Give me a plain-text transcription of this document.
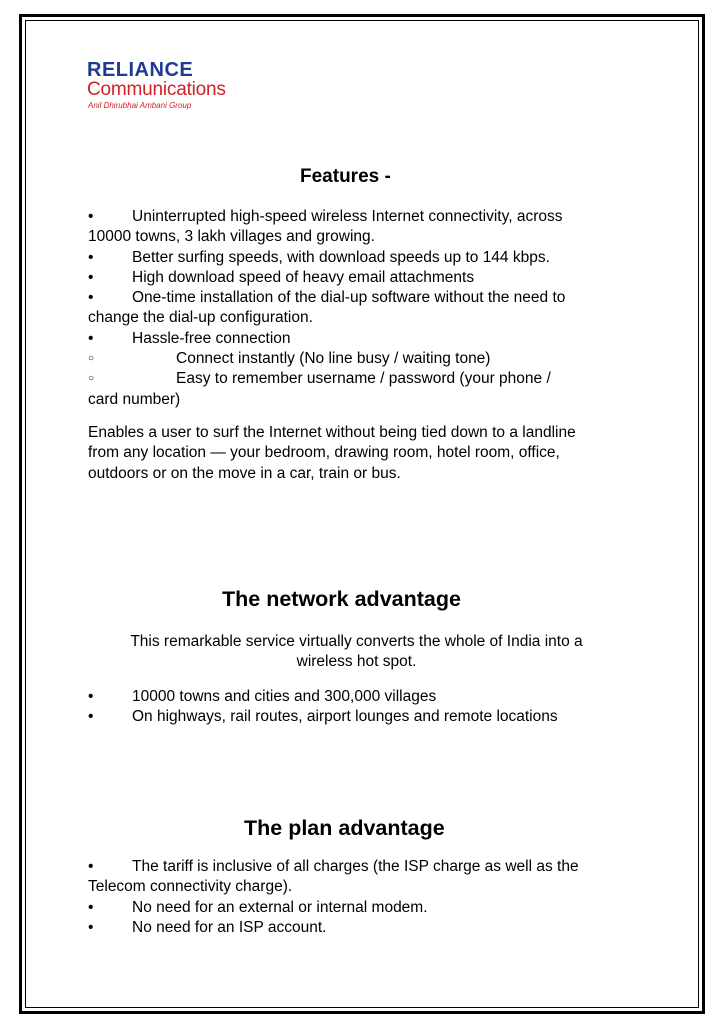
RELIANCE
Communications
Anil Dhirubhai Ambani Group
Features -
• Uninterrupted high-speed wireless Internet connectivity, across
10000 towns, 3 lakh villages and growing.
• Better surfing speeds, with download speeds up to 144 kbps.
• High download speed of heavy email attachments
• One-time installation of the dial-up software without the need to
change the dial-up configuration.
• Hassle-free connection
○	Connect instantly (No line busy / waiting tone)
○	Easy to remember username / password (your phone /
card number)
Enables a user to surf the Internet without being tied down to a landline
from any location — your bedroom, drawing room, hotel room, office,
outdoors or on the move in a car, train or bus.
The network advantage
This remarkable service virtually converts the whole of India into a
wireless hot spot.
• 10000 towns and cities and 300,000 villages
• On highways, rail routes, airport lounges and remote locations
The plan advantage
• The tariff is inclusive of all charges (the ISP charge as well as the
Telecom connectivity charge).
• No need for an external or internal modem.
• No need for an ISP account.
